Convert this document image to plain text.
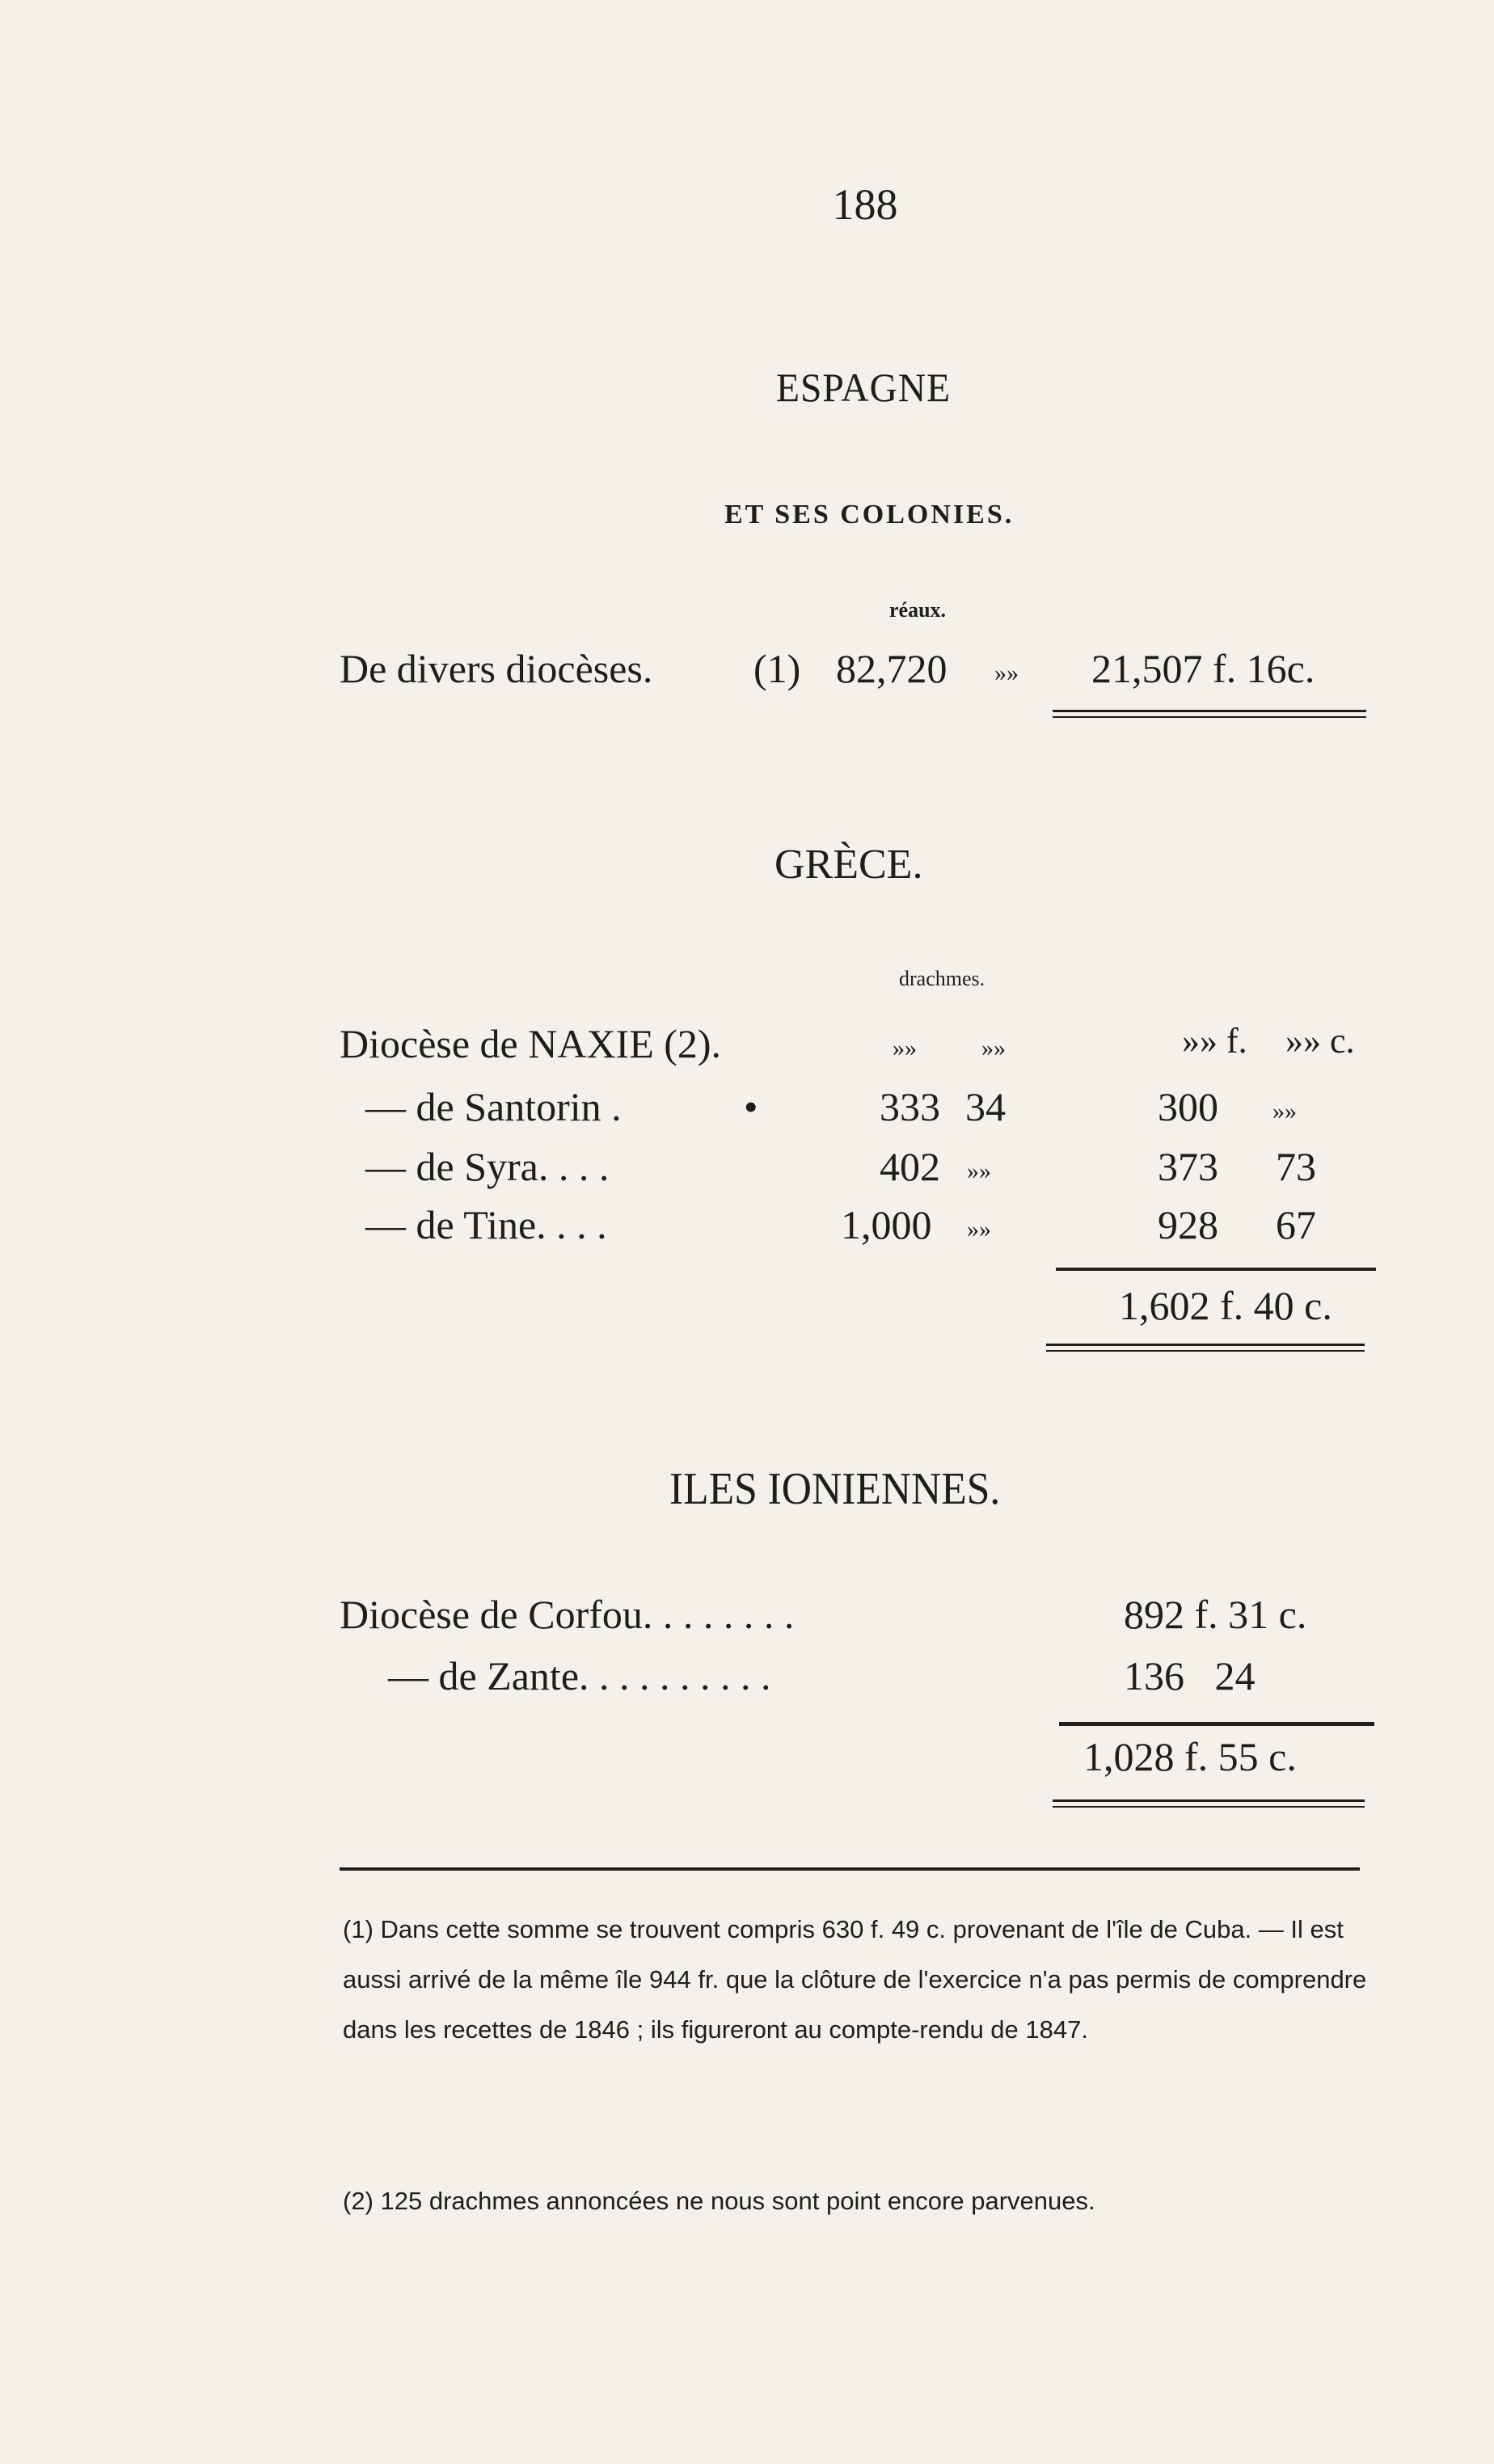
188
ESPAGNE
ET SES COLONIES.
réaux.
De divers diocèses. (1) 82,720 »» 21,507 f. 16c.
GRÈCE.
drachmes.
Diocèse de NAXIE (2).	»»	»»	»» f. »» c.
— de Santorin .	•	333 34	300 »»
— de Syra. . . .	402 »»	373 73
— de Tine. . . .	1,000 »»	928 67
1,602 f. 40 c.
ILES IONIENNES.
Diocèse de Corfou. . . . . . . .	892 f. 31 c.
— de Zante. . . . . . . . . .	136   24
1,028 f. 55 c.
(1) Dans cette somme se trouvent compris 630 f. 49 c. provenant de l'île de Cuba. — Il est aussi arrivé de la même île 944 fr. que la clôture de l'exercice n'a pas permis de comprendre dans les recettes de 1846 ; ils figureront au compte-rendu de 1847.
(2) 125 drachmes annoncées ne nous sont point encore parvenues.
